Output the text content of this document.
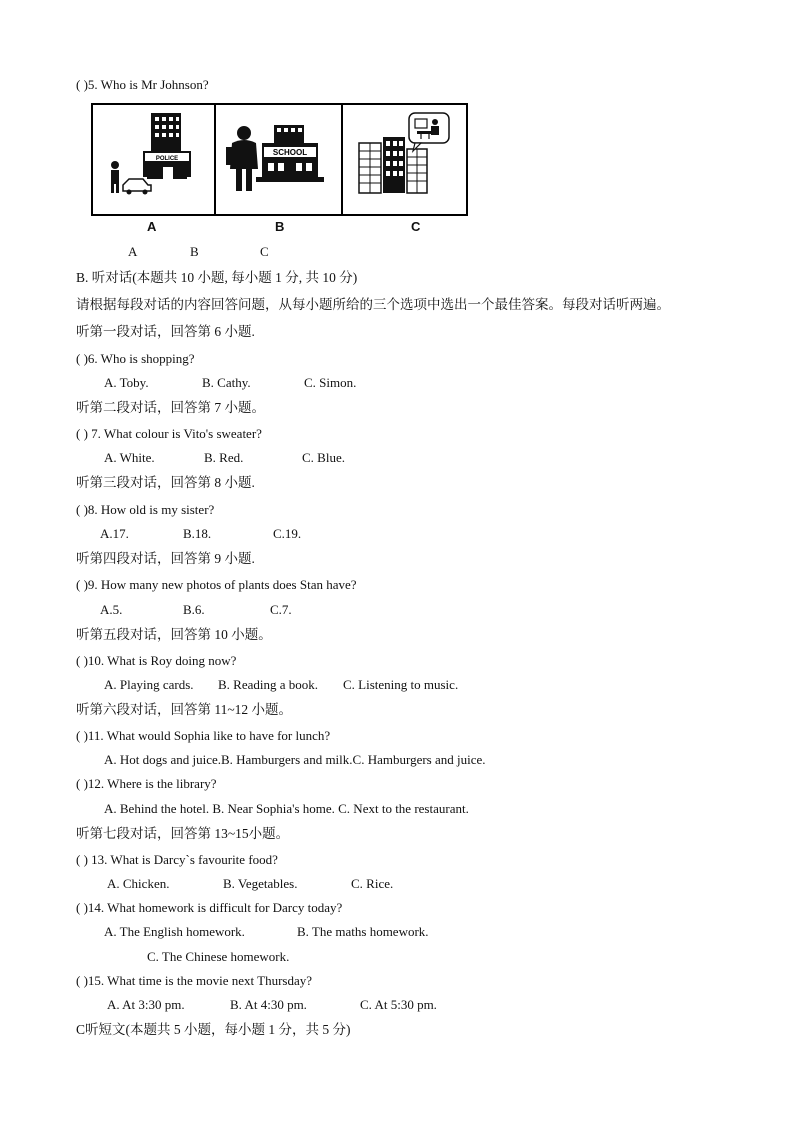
( )5. Who is Mr Johnson?
POLICE
SCHOOL
A	B	C
A	B	C
B. 听对话(本题共 10 小题, 每小题 1 分, 共 10 分)
请根据每段对话的内容回答问题，从每小题所给的三个选项中选出一个最佳答案。每段对话听两遍。
听第一段对话，回答第 6 小题.
( )6. Who is shopping?
A. Toby.	B. Cathy.	C. Simon.
听第二段对话，回答第 7 小题。
( ) 7. What colour is Vito's sweater?
A. White.	B. Red.	C. Blue.
听第三段对话，回答第 8 小题.
( )8. How old is my sister?
A.17.	B.18.	C.19.
听第四段对话，回答第 9 小题.
( )9. How many new photos of plants does Stan have?
A.5.	B.6.	C.7.
听第五段对话，回答第 10 小题。
( )10. What is Roy doing now?
A. Playing cards. B. Reading a book. C. Listening to music.
听第六段对话，回答第 11~12 小题。
( )11. What would Sophia like to have for lunch?
A. Hot dogs and juice.B. Hamburgers and milk.C. Hamburgers and juice.
( )12. Where is the library?
A. Behind the hotel. B. Near Sophia's home. C. Next to the restaurant.
听第七段对话，回答第 13~15小题。
( ) 13. What is Darcy`s favourite food?
A. Chicken.	B. Vegetables.	C. Rice.
( )14. What homework is difficult for Darcy today?
A. The English homework.	B. The maths homework.
C. The Chinese homework.
( )15. What time is the movie next Thursday?
A. At 3:30 pm.	B. At 4:30 pm.	C. At 5:30 pm.
C听短文(本题共 5 小题，每小题 1 分，共 5 分)
